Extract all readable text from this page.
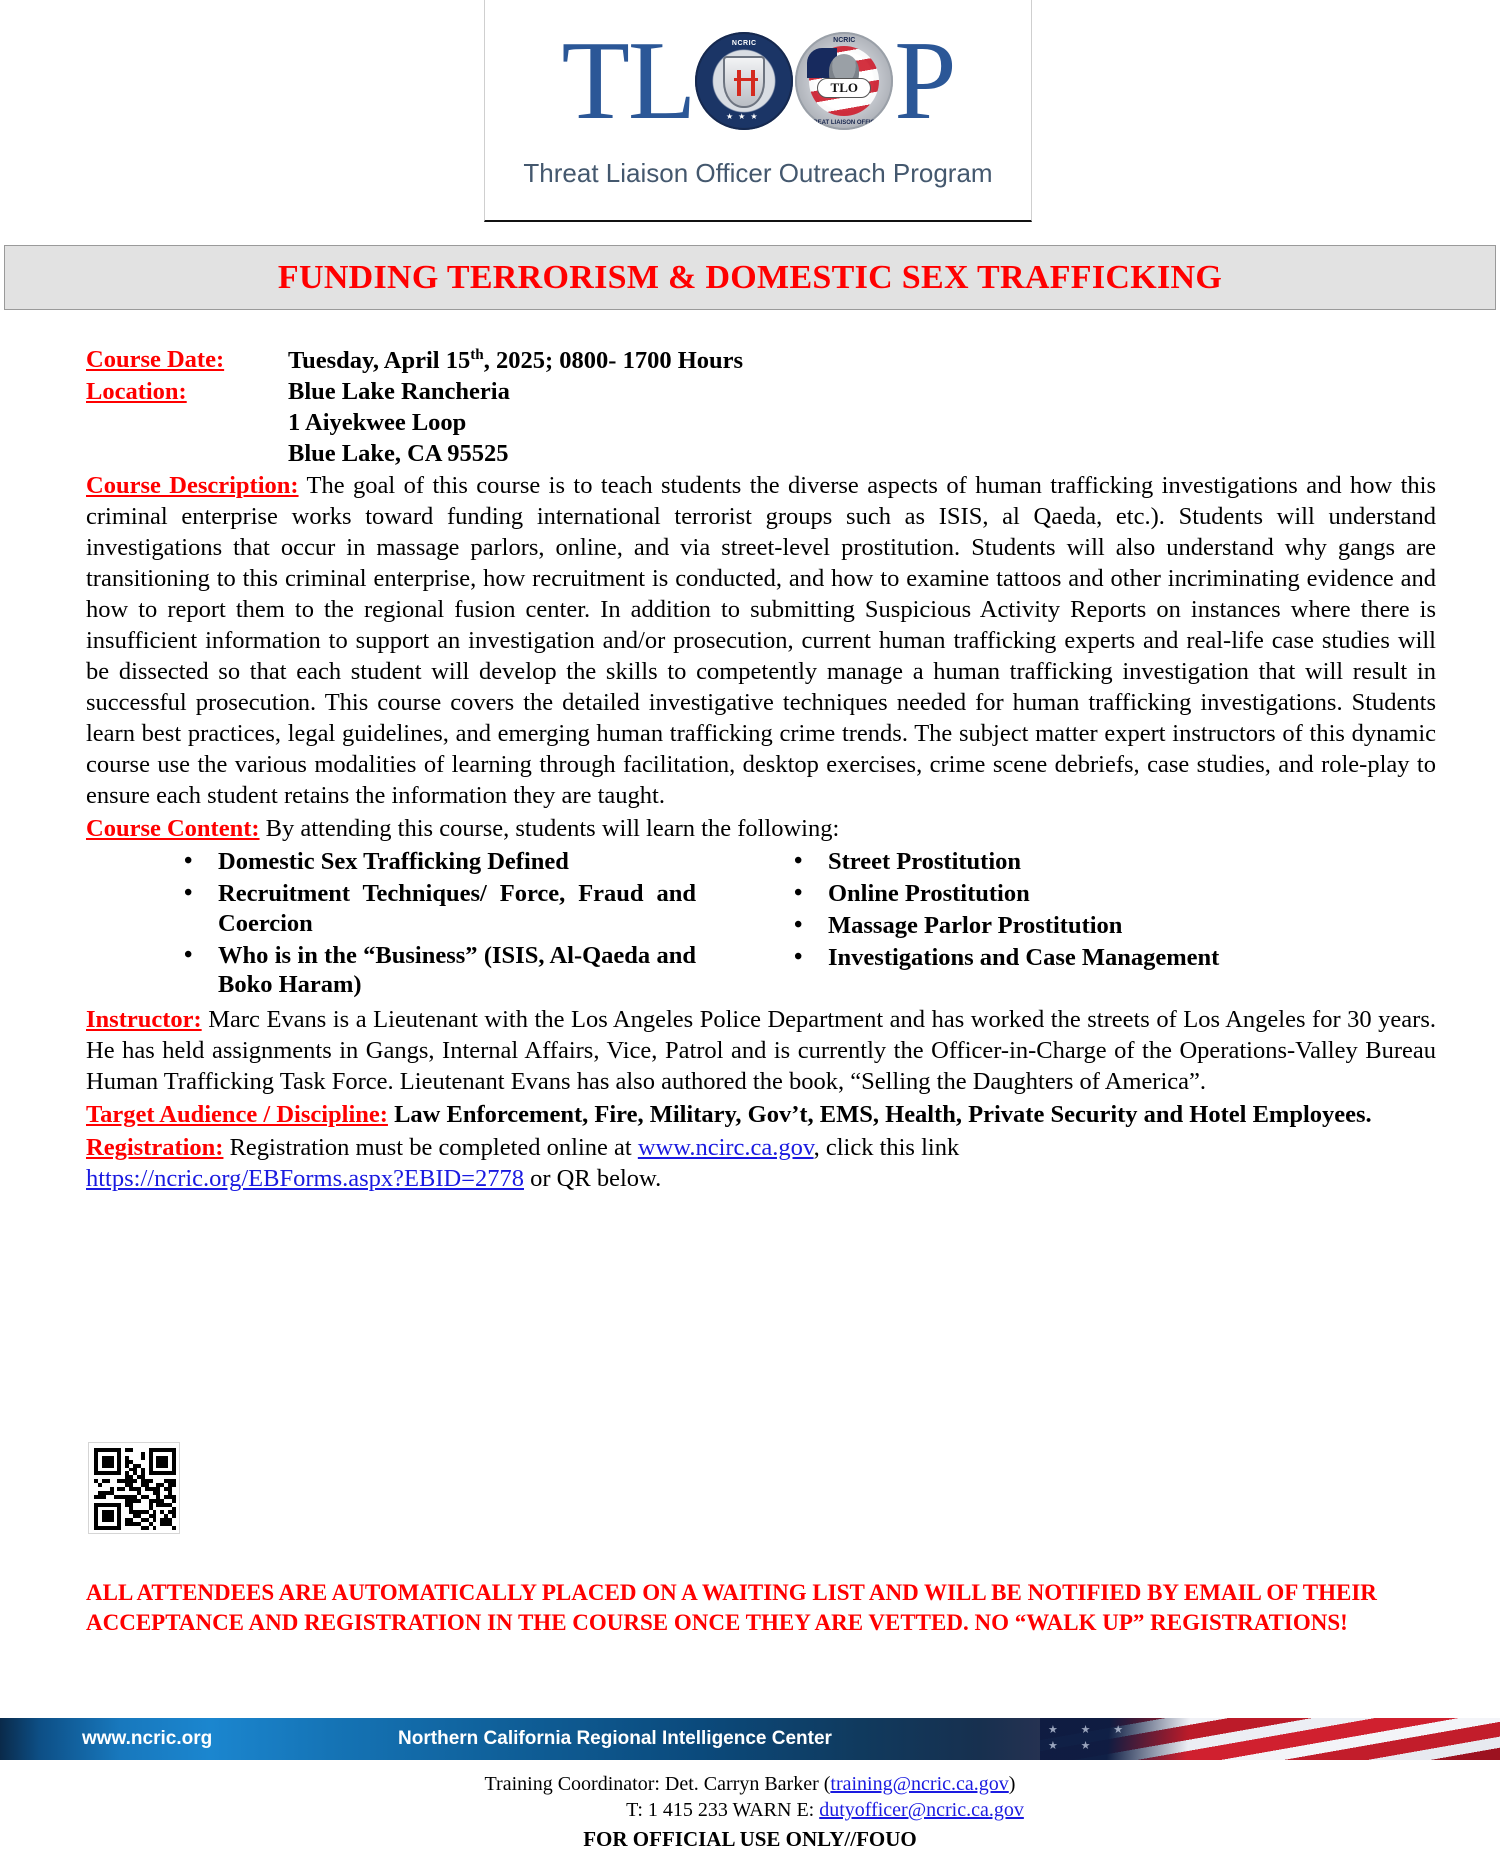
TL	NCRIC
★★★
NCRIC
TLO
THREAT LIAISON OFFICER P
Threat Liaison Officer Outreach Program
FUNDING TERRORISM & DOMESTIC SEX TRAFFICKING
Course Date:	Tuesday, April 15th, 2025; 0800- 1700 Hours
Location:	Blue Lake Rancheria
1 Aiyekwee Loop
Blue Lake, CA 95525

Course Description: The goal of this course is to teach students the diverse aspects of human trafficking investigations and how this criminal enterprise works toward funding international terrorist groups such as ISIS, al Qaeda, etc.). Students will understand investigations that occur in massage parlors, online, and via street-level prostitution. Students will also understand why gangs are transitioning to this criminal enterprise, how recruitment is conducted, and how to examine tattoos and other incriminating evidence and how to report them to the regional fusion center. In addition to submitting Suspicious Activity Reports on instances where there is insufficient information to support an investigation and/or prosecution, current human trafficking experts and real-life case studies will be dissected so that each student will develop the skills to competently manage a human trafficking investigation that will result in successful prosecution. This course covers the detailed investigative techniques needed for human trafficking investigations. Students learn best practices, legal guidelines, and emerging human trafficking crime trends. The subject matter expert instructors of this dynamic course use the various modalities of learning through facilitation, desktop exercises, crime scene debriefs, case studies, and role-play to ensure each student retains the information they are taught.

Course Content: By attending this course, students will learn the following:

• Domestic Sex Trafficking Defined
• Recruitment Techniques/ Force, Fraud and Coercion
• Who is in the “Business” (ISIS, Al-Qaeda and Boko Haram)
• Street Prostitution
• Online Prostitution
• Massage Parlor Prostitution
• Investigations and Case Management

Instructor: Marc Evans is a Lieutenant with the Los Angeles Police Department and has worked the streets of Los Angeles for 30 years. He has held assignments in Gangs, Internal Affairs, Vice, Patrol and is currently the Officer-in-Charge of the Operations-Valley Bureau Human Trafficking Task Force. Lieutenant Evans has also authored the book, “Selling the Daughters of America”.

Target Audience / Discipline: Law Enforcement, Fire, Military, Gov’t, EMS, Health, Private Security and Hotel Employees.

Registration: Registration must be completed online at www.ncirc.ca.gov, click this link
https://ncric.org/EBForms.aspx?EBID=2778 or QR below.

ALL ATTENDEES ARE AUTOMATICALLY PLACED ON A WAITING LIST AND WILL BE NOTIFIED BY EMAIL OF THEIR ACCEPTANCE AND REGISTRATION IN THE COURSE ONCE THEY ARE VETTED. NO “WALK UP” REGISTRATIONS!
★ ★ ★
★ ★
www.ncric.org	Northern California Regional Intelligence Center
Training Coordinator: Det. Carryn Barker (training@ncric.ca.gov)
T: 1 415 233 WARN E: dutyofficer@ncric.ca.gov
FOR OFFICIAL USE ONLY//FOUO
